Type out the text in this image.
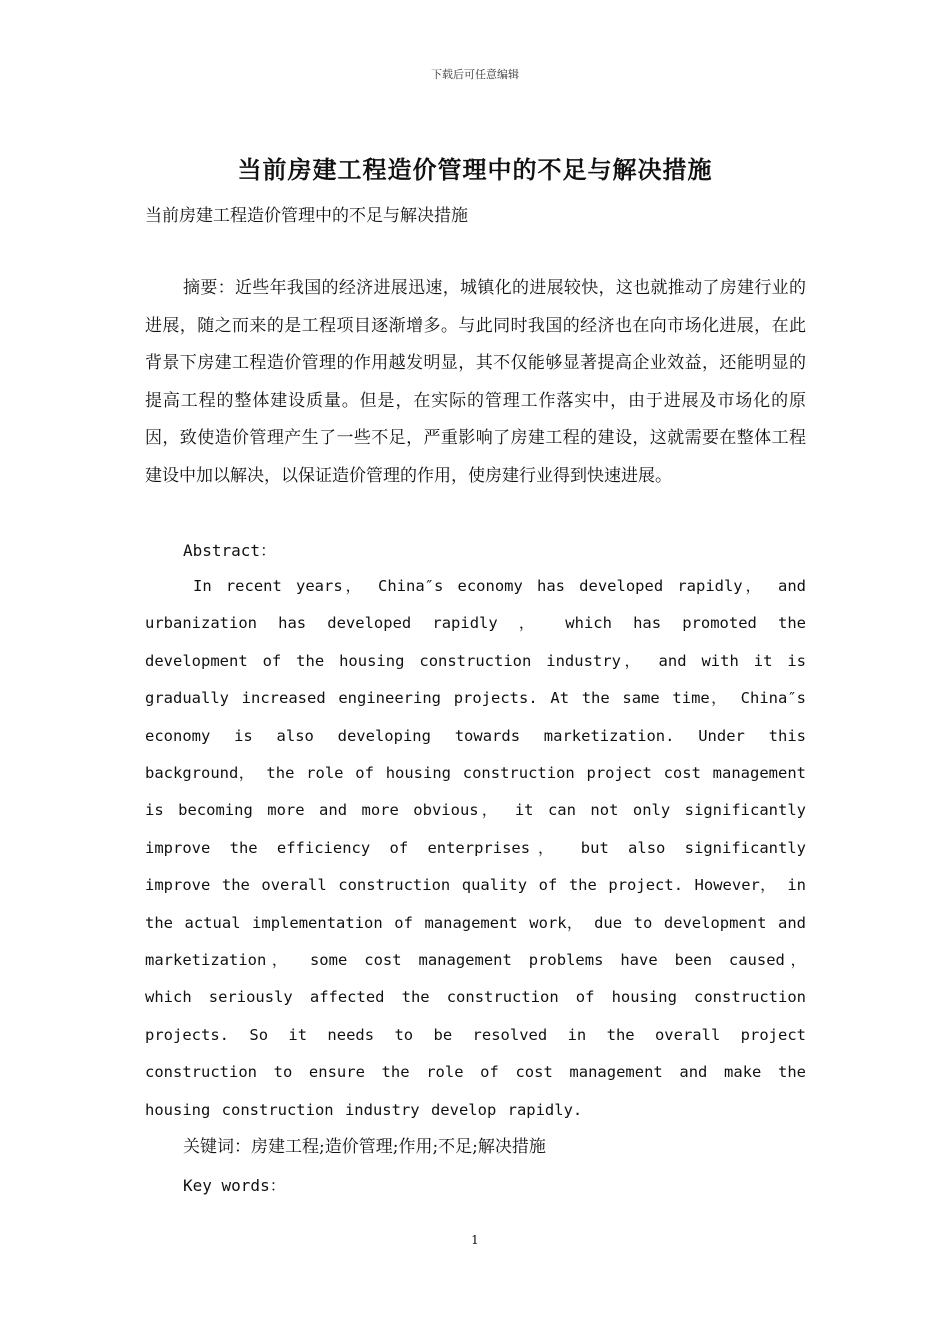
下载后可任意编辑
当前房建工程造价管理中的不足与解决措施
当前房建工程造价管理中的不足与解决措施

摘要：近些年我国的经济进展迅速，城镇化的进展较快，这也就推动了房建行业的进展，随之而来的是工程项目逐渐增多。与此同时我国的经济也在向市场化进展，在此背景下房建工程造价管理的作用越发明显，其不仅能够显著提高企业效益，还能明显的提高工程的整体建设质量。但是，在实际的管理工作落实中，由于进展及市场化的原因，致使造价管理产生了一些不足，严重影响了房建工程的建设，这就需要在整体工程建设中加以解决，以保证造价管理的作用，使房建行业得到快速进展。

Abstract：

In recent years， China″s economy has developed rapidly， and urbanization has developed rapidly ， which has promoted the development of the housing construction industry， and with it is gradually increased engineering projects. At the same time， China″s economy is also developing towards marketization. Under this background， the role of housing construction project cost management is becoming more and more obvious， it can not only significantly improve the efficiency of enterprises， but also significantly improve the overall construction quality of the project. However， in the actual implementation of management work， due to development and marketization， some cost management problems have been caused， which seriously affected the construction of housing construction projects. So it needs to be resolved in the overall project construction to ensure the role of cost management and make the housing construction industry develop rapidly.

关键词：房建工程;造价管理;作用;不足;解决措施
Key words：
1
